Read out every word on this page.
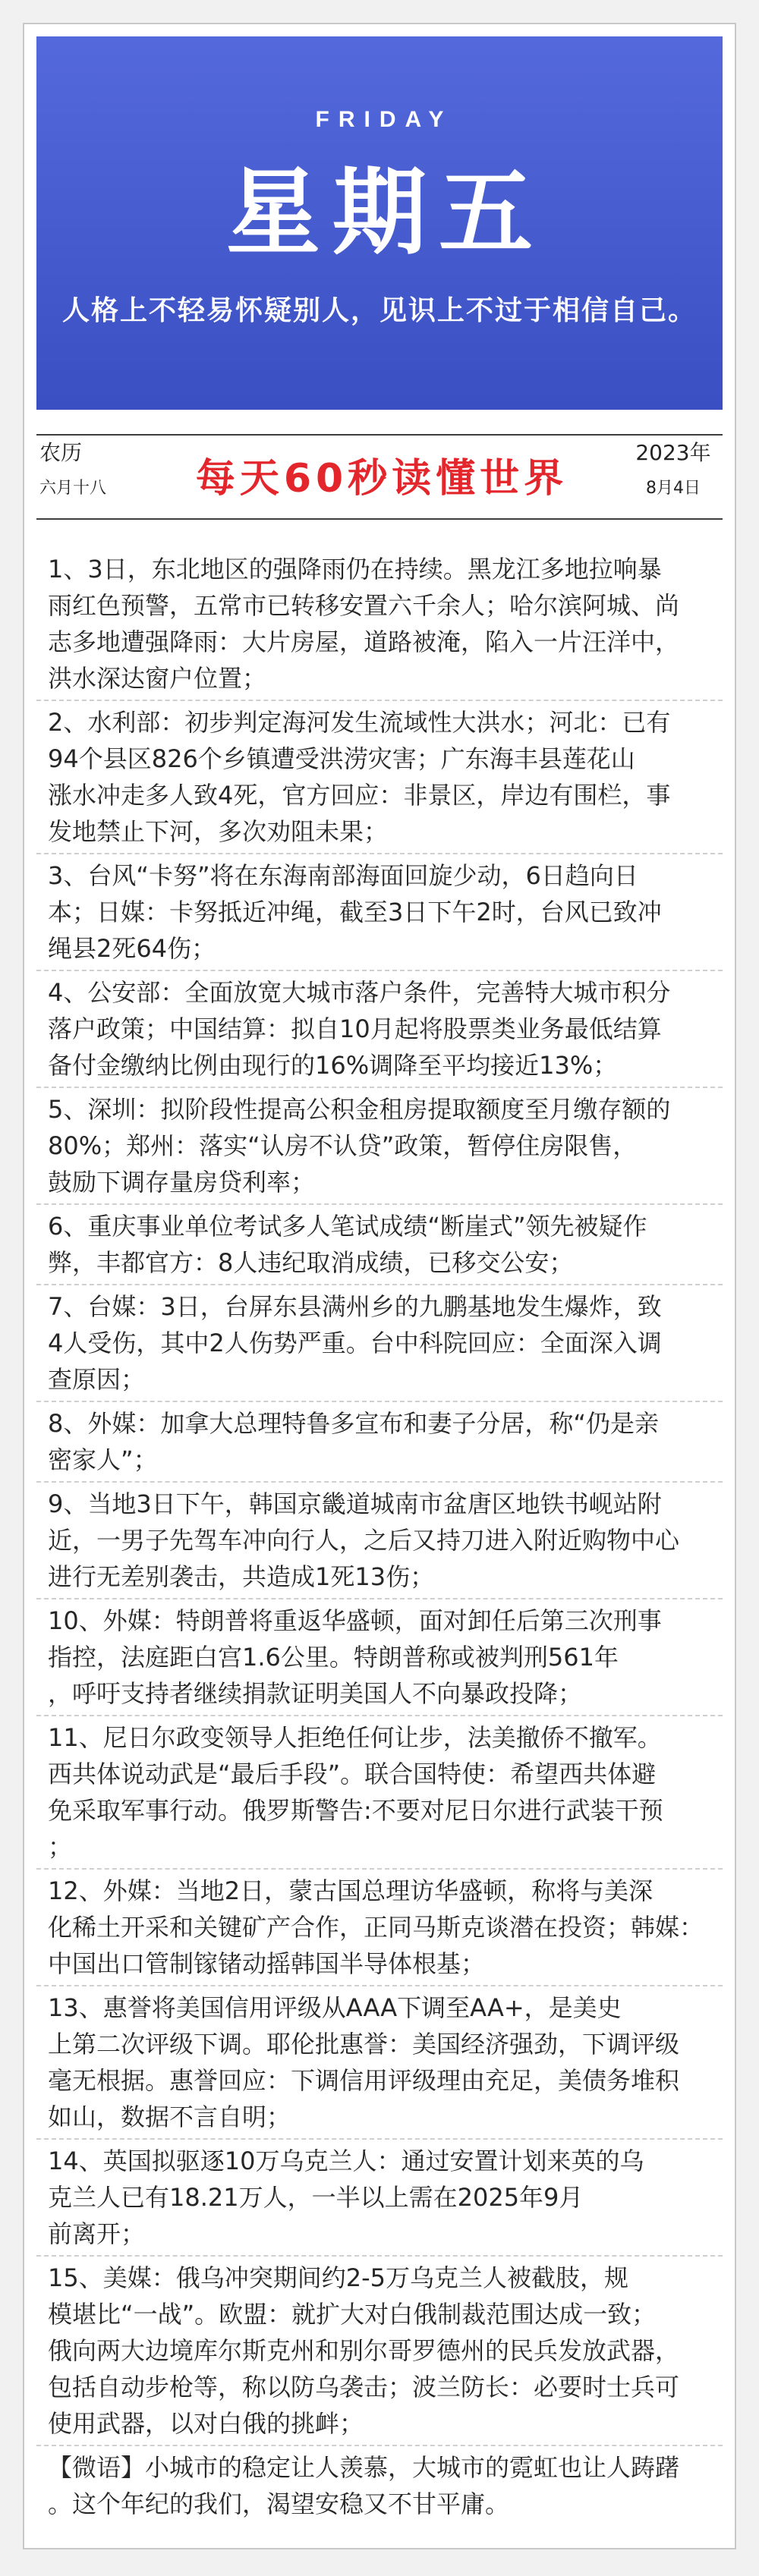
FRIDAY
星期五
人格上不轻易怀疑别人，见识上不过于相信自己。
农历
六月十八	每天60秒读懂世界
2023年
8月4日
1、3日，东北地区的强降雨仍在持续。黑龙江多地拉响暴
雨红色预警，五常市已转移安置六千余人；哈尔滨阿城、尚
志多地遭强降雨：大片房屋，道路被淹，陷入一片汪洋中，
洪水深达窗户位置；
2、水利部：初步判定海河发生流域性大洪水；河北：已有
94个县区826个乡镇遭受洪涝灾害；广东海丰县莲花山
涨水冲走多人致4死，官方回应：非景区，岸边有围栏，事
发地禁止下河，多次劝阻未果；
3、台风“卡努”将在东海南部海面回旋少动，6日趋向日
本；日媒：卡努抵近冲绳，截至3日下午2时，台风已致冲
绳县2死64伤；
4、公安部：全面放宽大城市落户条件，完善特大城市积分
落户政策；中国结算：拟自10月起将股票类业务最低结算
备付金缴纳比例由现行的16%调降至平均接近13%；
5、深圳：拟阶段性提高公积金租房提取额度至月缴存额的
80%；郑州：落实“认房不认贷”政策，暂停住房限售，
鼓励下调存量房贷利率；
6、重庆事业单位考试多人笔试成绩“断崖式”领先被疑作
弊，丰都官方：8人违纪取消成绩，已移交公安；
7、台媒：3日，台屏东县满州乡的九鹏基地发生爆炸，致
4人受伤，其中2人伤势严重。台中科院回应：全面深入调
查原因；
8、外媒：加拿大总理特鲁多宣布和妻子分居，称“仍是亲
密家人”；
9、当地3日下午，韩国京畿道城南市盆唐区地铁书岘站附
近，一男子先驾车冲向行人，之后又持刀进入附近购物中心
进行无差别袭击，共造成1死13伤；
10、外媒：特朗普将重返华盛顿，面对卸任后第三次刑事
指控，法庭距白宫1.6公里。特朗普称或被判刑561年
，呼吁支持者继续捐款证明美国人不向暴政投降；
11、尼日尔政变领导人拒绝任何让步，法美撤侨不撤军。
西共体说动武是“最后手段”。联合国特使：希望西共体避
免采取军事行动。俄罗斯警告:不要对尼日尔进行武装干预
；
12、外媒：当地2日，蒙古国总理访华盛顿，称将与美深
化稀土开采和关键矿产合作，正同马斯克谈潜在投资；韩媒：
中国出口管制镓锗动摇韩国半导体根基；
13、惠誉将美国信用评级从AAA下调至AA+，是美史
上第二次评级下调。耶伦批惠誉：美国经济强劲，下调评级
毫无根据。惠誉回应：下调信用评级理由充足，美债务堆积
如山，数据不言自明；
14、英国拟驱逐10万乌克兰人：通过安置计划来英的乌
克兰人已有18.21万人，一半以上需在2025年9月
前离开；
15、美媒：俄乌冲突期间约2-5万乌克兰人被截肢，规
模堪比“一战”。欧盟：就扩大对白俄制裁范围达成一致；
俄向两大边境库尔斯克州和别尔哥罗德州的民兵发放武器，
包括自动步枪等，称以防乌袭击；波兰防长：必要时士兵可
使用武器，以对白俄的挑衅；
【微语】小城市的稳定让人羡慕，大城市的霓虹也让人踌躇
。这个年纪的我们，渴望安稳又不甘平庸。
